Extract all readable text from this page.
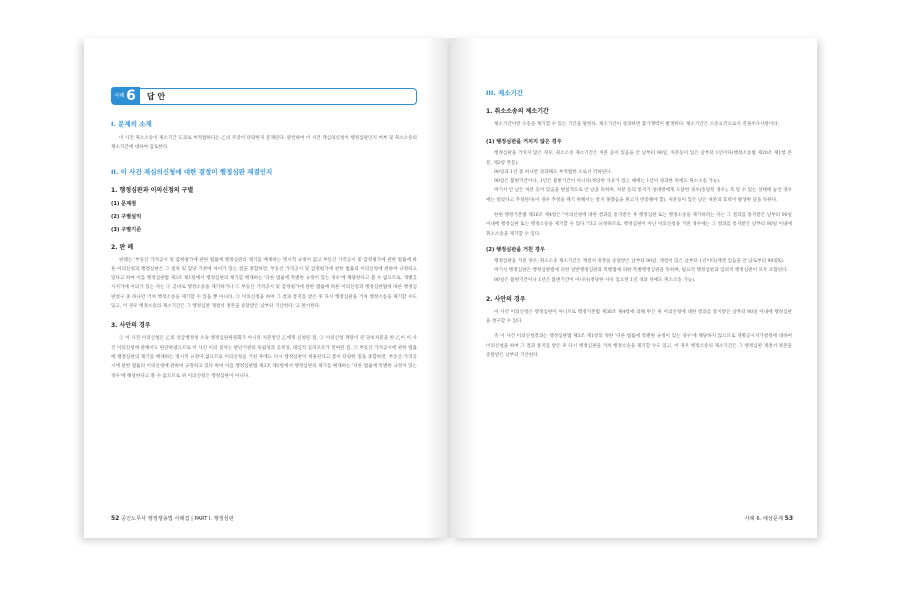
사례 6 답 안
I. 문제의 소재

이 사건 취소소송이 제소기간 도과로 부적법하다는 乙의 주장이 타당한지 문제된다. 관련하여 이 사건 재심의신청이 행정심판인지 여부 및 취소소송의 제소기간에 대하여 검토한다.

II. 이 사건 재심의신청에 대한 결정이 행정심판 재결인지
1. 행정심판과 이의신청의 구별
(1) 문제점
(2) 구별실익
(3) 구별기준
2. 판 례

판례는 '부동산 가격공시 및 감정평가에 관한 법률에 행정심판의 제기를 배제하는 명시적 규정이 없고 부동산 가격공시 및 감정평가에 관한 법률에 따른 이의신청과 행정심판은 그 절차 및 담당 기관에 차이가 있는 점을 종합하면, 부동산 가격공시 및 감정평가에 관한 법률의 이의신청에 관하여 규정하고 있다고 하여 이를 행정심판법 제3조 제1항에서 행정심판의 제기를 배제하는 '다른 법률에 특별한 규정이 있는 경우'에 해당한다고 볼 수 없으므로, 개별공시지가에 이의가 있는 자는 ① 곧바로 행정소송을 제기하거나 ② 부동산 가격공시 및 감정평가에 관한 법률에 따른 이의신청과 행정심판법에 따른 행정심판청구 중 하나만 거쳐 행정소송을 제기할 수 있을 뿐 아니라, ③ 이의신청을 하여 그 결과 통지를 받은 후 다시 행정심판을 거쳐 행정소송을 제기할 수도 있고, 이 경우 행정소송의 제소기간은 그 행정심판 재결서 정본을 송달받은 날부터 기산한다.'고 판시한다.

3. 사안의 경우

① 이 사건 이의신청은 乙의 상급행정청 소속 행정심판위원회가 아니라 처분청인 乙에게 신청된 점, ② 이의신청 재량이 된 당초처분을 한 乙이 이 사건 이의신청에 관해서도 판단하였으므로 이 사건 이의 절차는 판단기관의 독립성과 공정성, 대심적 심리구조가 결여된 점, ③ 부동산 가격공시에 관한 법률에 행정심판의 제기를 배제하는 명시적 규정이 없으므로 이의신청을 거친 후에도 다시 행정심판이 허용된다고 봄이 타당한 점을 종합하면, 부동산 가격공시에 관한 법률의 이의신청에 관하여 규정하고 있다 하여 이를 행정심판법 제3조 제1항에서 행정심판의 제기를 배제하는 '다른 법률에 특별한 규정이 있는 경우'에 해당한다고 볼 수 없으므로 위 이의신청은 행정심판이 아니다.

52 공인노무사 행정쟁송법 사례집 | PART Ⅰ. 행정심판
III. 제소기간
1. 취소소송의 제소기간

제소기간이란 소송을 제기할 수 있는 기간을 말한다. 제소기간이 경과하면 불가쟁력이 발생한다. 제소기간은 소송요건으로서 직권조사사항이다.

(1) 행정심판을 거치지 않은 경우

행정심판을 거치지 않은 경우, 취소소송 제소기간은 처분 등이 있음을 안 날부터 90일, 처분등이 있은 날부터 1년이다(행정소송법 제20조 제1항 본문, 제2항 본문).

90일과 1년 중 하나만 경과해도 부적법한 소로서 각하된다.

90일은 불변기간이나, 1년은 불변기간이 아니다(정당한 사유가 있는 때에는 1년이 경과한 뒤에도 취소소송 가능).

여기서 안 날은 처분 등이 있음을 현실적으로 안 날을 뜻하며, 처분 등의 통지가 상대방에게 도달한 경우(송달된 경우), 즉 알 수 있는 상태에 놓인 경우에는 알았다고 추정된다(이 경우 추정을 깨기 위해서는 알지 못했음을 원고가 반증해야 함). 처분등이 있은 날은 처분의 효력이 발생한 날을 뜻한다.

한편 행정기본법 제36조 제4항은 "이의신청에 대한 결과를 통지받은 후 행정심판 또는 행정소송을 제기하려는 자는 그 결과를 통지받은 날부터 90일 이내에 행정심판 또는 행정소송을 제기할 수 있다."라고 규정하므로, 행정심판이 아닌 이의신청을 거친 경우에는 그 결과를 통지받은 날부터 90일 이내에 취소소송을 제기할 수 있다.

(2) 행정심판을 거친 경우

행정심판을 거친 경우, 취소소송 제소기간은 재결서 정본을 송달받은 날부터 90일, 재결이 있은 날부터 1년이다(재결 있음을 안 날로부터 90일X).

여기서 행정심판은 행정심판법에 의한 일반행정심판과 특별법에 의한 특별행정심판을 뜻하며, 필요적 행정심판과 임의적 행정심판이 모두 포함된다.

90일은 불변기간이나 1년은 불변기간이 아니다(정당한 사유 있으면 1년 경과 뒤에도 취소소송 가능).

2. 사안의 경우

이 사건 이의신청은 행정심판이 아니므로 행정기본법 제36조 제4항에 의해 甲은 위 이의신청에 대한 결과를 통지받은 날부터 90일 이내에 행정심판을 청구할 수 있다.

즉 이 사건 이의신청결과는 행정심판법 제3조 제1항의 정한 '다른 법률에 특별한 규정이 있는 경우'에 해당하지 않으므로 개별공시지가결정에 대하여 이의신청을 하여 그 결과 통지를 받은 후 다시 행정심판을 거쳐 행정소송을 제기할 수도 있고, 이 경우 행정소송의 제소기간은 그 행정심판 재결서 정본을 송달받은 날부터 기산한다.

사례 6. 예상문제 53
